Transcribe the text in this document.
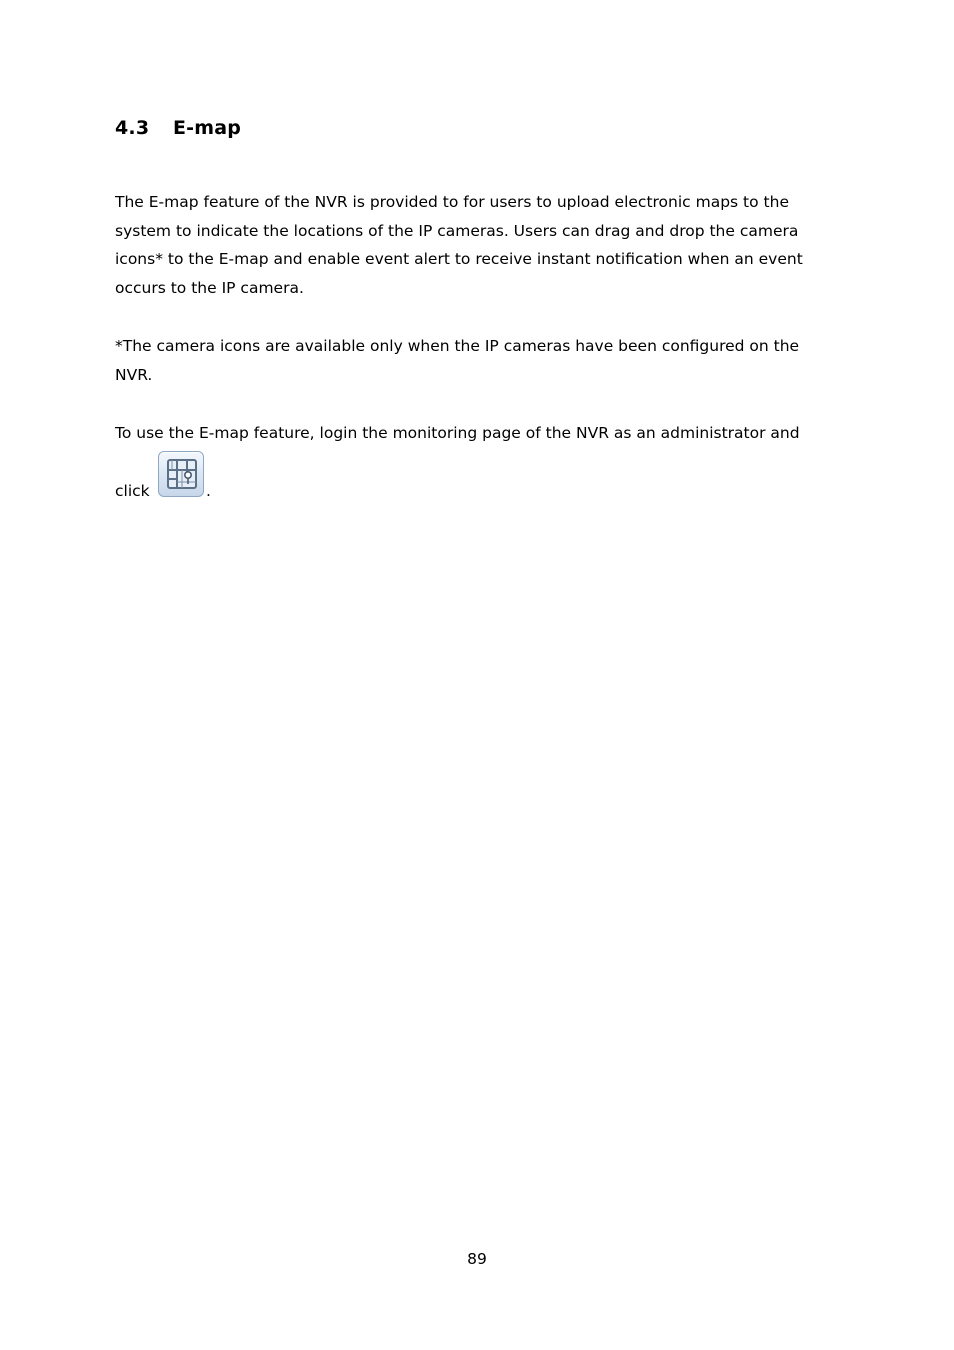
4.3 E-map

The E-map feature of the NVR is provided to for users to upload electronic maps to the
system to indicate the locations of the IP cameras. Users can drag and drop the camera
icons* to the E-map and enable event alert to receive instant notification when an event
occurs to the IP camera.

*The camera icons are available only when the IP cameras have been configured on the
NVR.

To use the E-map feature, login the monitoring page of the NVR as an administrator and

click	.
89
